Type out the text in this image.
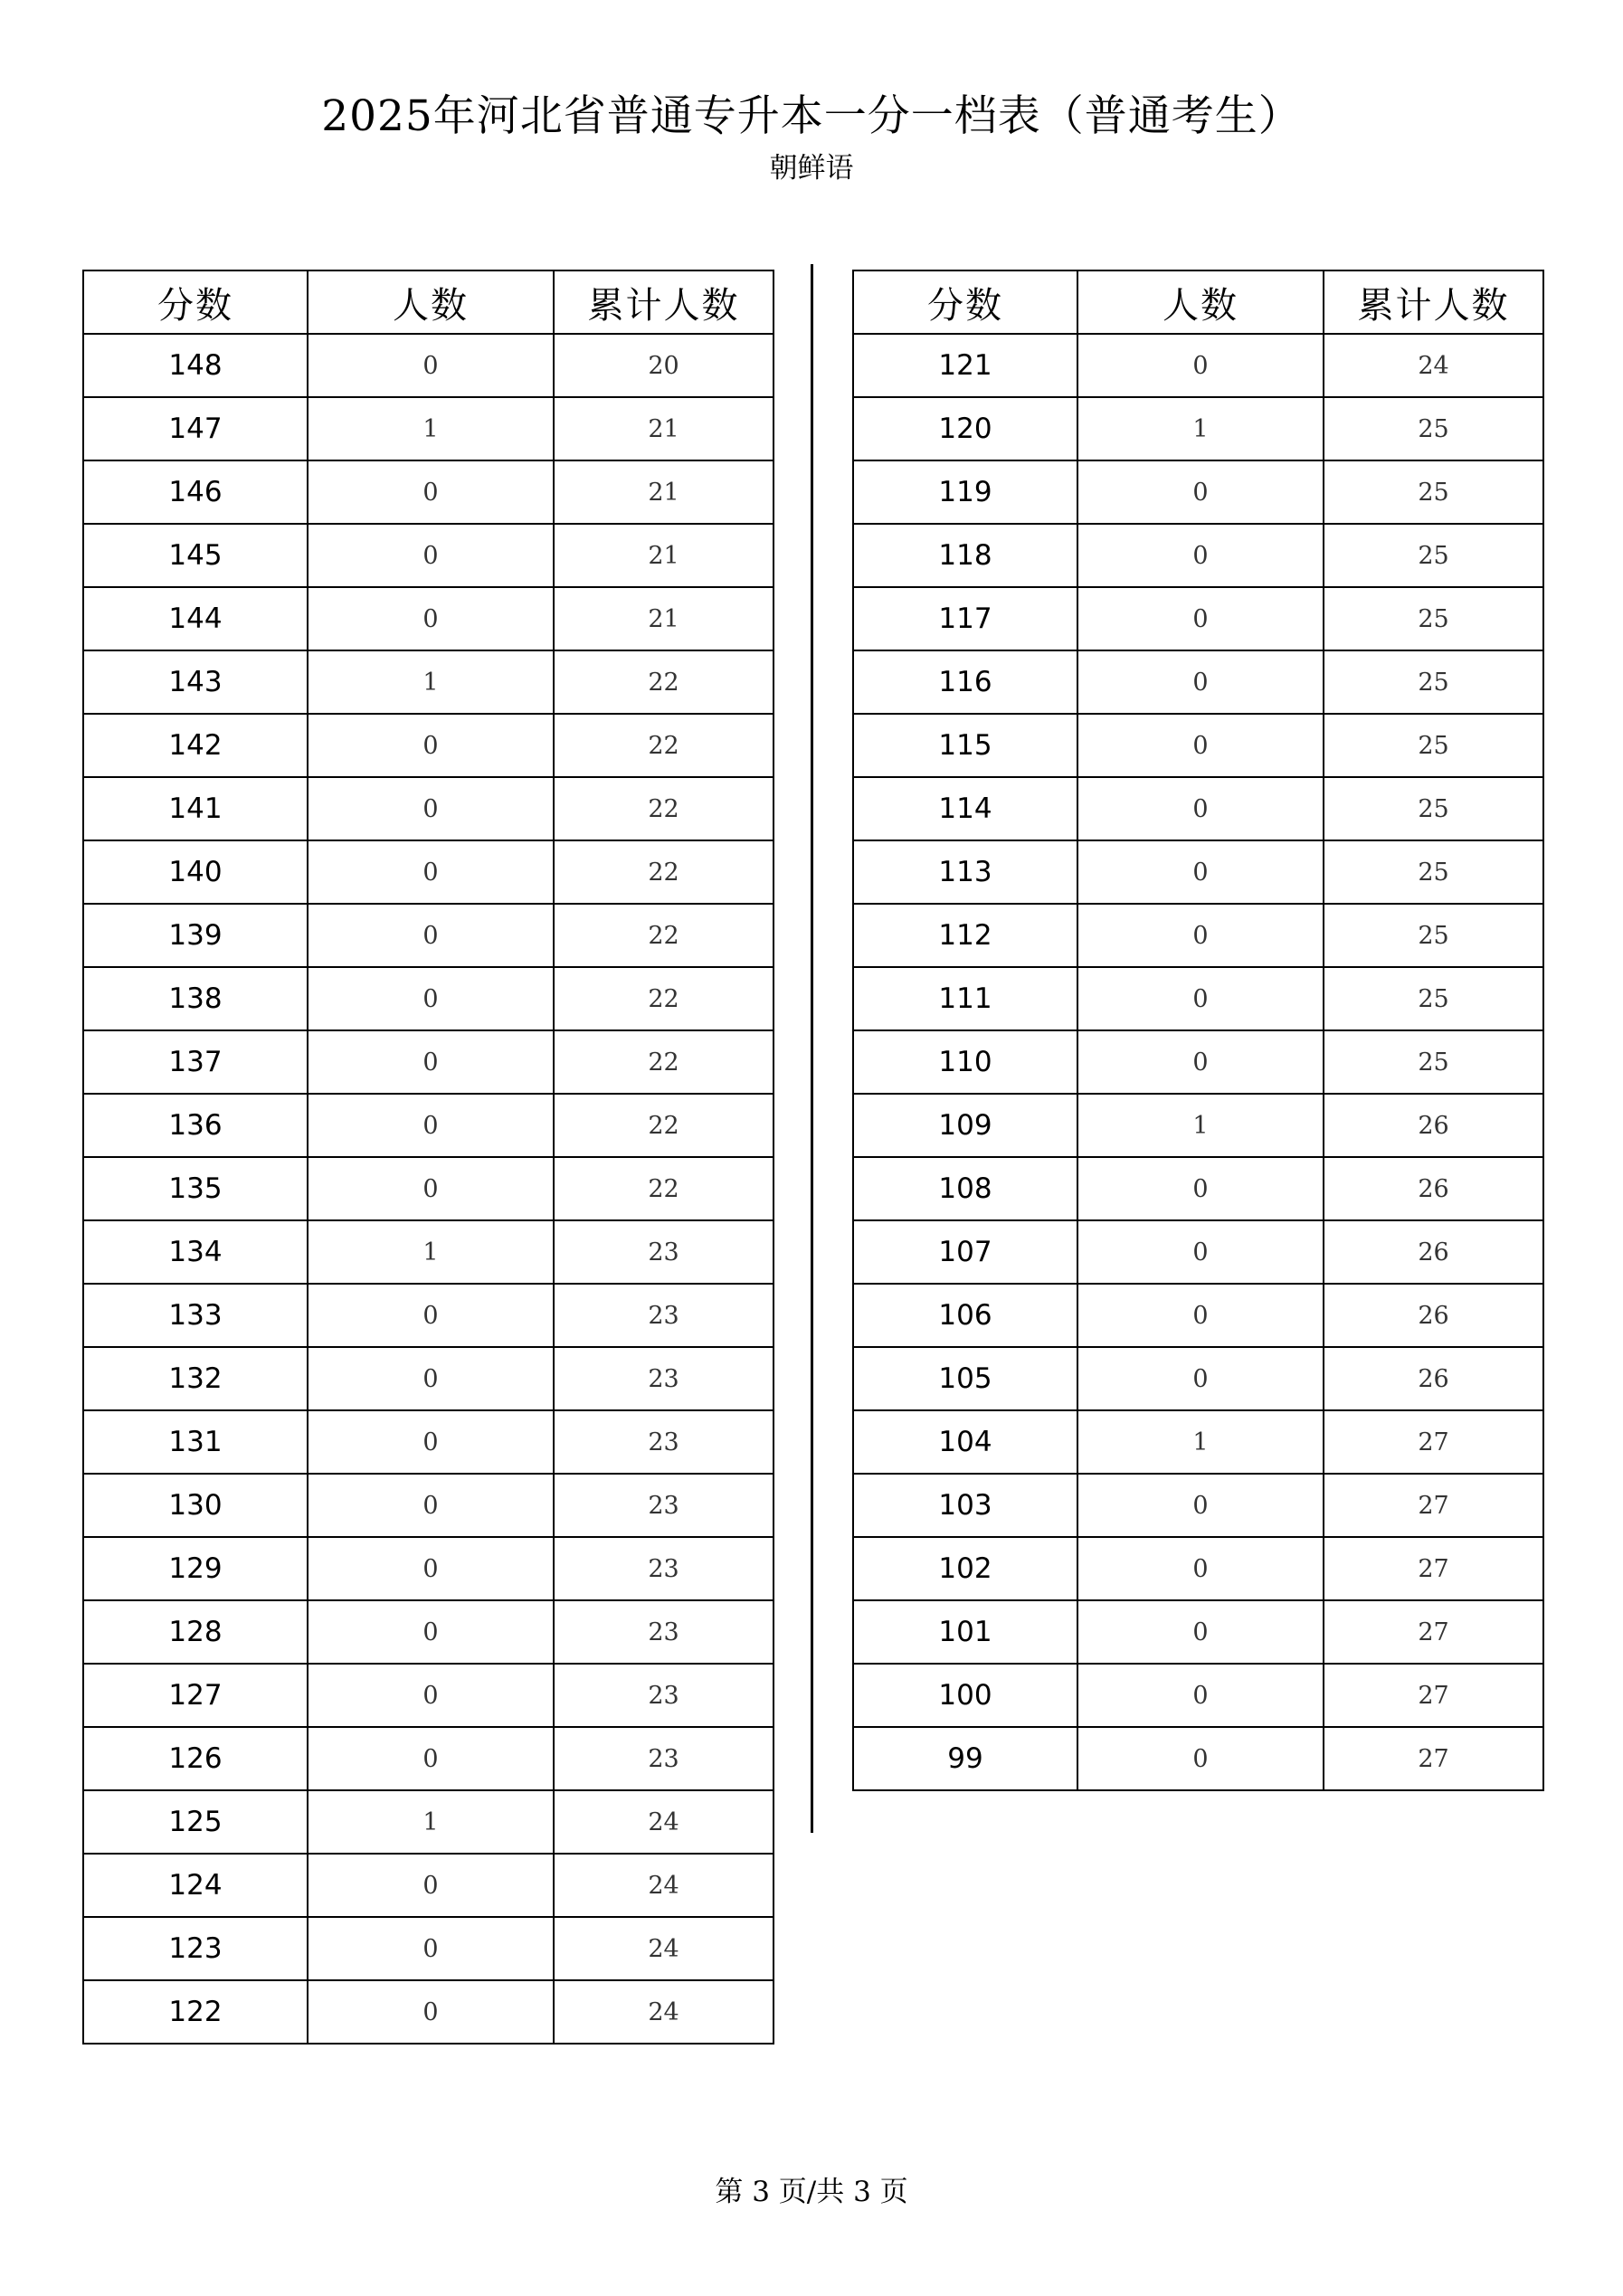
2025年河北省普通专升本一分一档表（普通考生）
朝鲜语
分数	人数	累计人数
148	0	20
147	1	21
146	0	21
145	0	21
144	0	21
143	1	22
142	0	22
141	0	22
140	0	22
139	0	22
138	0	22
137	0	22
136	0	22
135	0	22
134	1	23
133	0	23
132	0	23
131	0	23
130	0	23
129	0	23
128	0	23
127	0	23
126	0	23
125	1	24
124	0	24
123	0	24
122	0	24
分数	人数	累计人数
121	0	24
120	1	25
119	0	25
118	0	25
117	0	25
116	0	25
115	0	25
114	0	25
113	0	25
112	0	25
111	0	25
110	0	25
109	1	26
108	0	26
107	0	26
106	0	26
105	0	26
104	1	27
103	0	27
102	0	27
101	0	27
100	0	27
99	0	27
第 3 页/共 3 页
